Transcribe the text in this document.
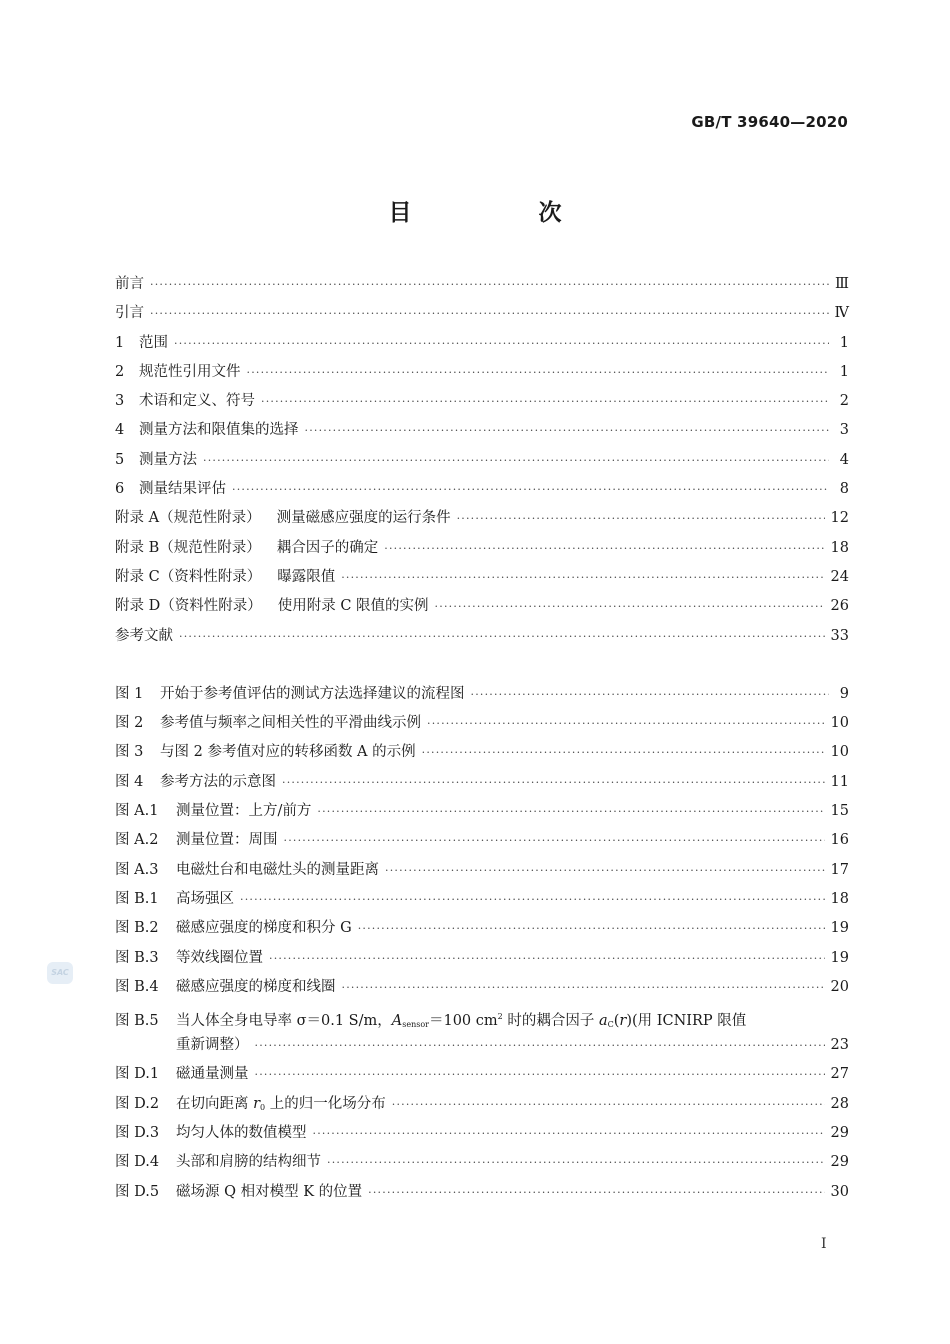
GB/T 39640—2020
目　次
前言 ·····	Ⅲ
引言 ·····	Ⅳ
1	范围 ·····	1
2	规范性引用文件 ·····	1
3	术语和定义、符号 ·····	2
4	测量方法和限值集的选择 ·····	3
5	测量方法 ·····	4
6	测量结果评估 ·····	8
附录 A（规范性附录） 测量磁感应强度的运行条件 ·····	12
附录 B（规范性附录） 耦合因子的确定 ·····	18
附录 C（资料性附录） 曝露限值 ·····	24
附录 D（资料性附录） 使用附录 C 限值的实例 ·····	26
参考文献 ·····	33
图 1	开始于参考值评估的测试方法选择建议的流程图 ·····	9
图 2	参考值与频率之间相关性的平滑曲线示例 ·····	10
图 3	与图 2 参考值对应的转移函数 A 的示例 ·····	10
图 4	参考方法的示意图 ·····	11
图 A.1	测量位置：上方/前方 ·····	15
图 A.2	测量位置：周围 ·····	16
图 A.3	电磁灶台和电磁灶头的测量距离 ·····	17
图 B.1	高场强区 ·····	18
图 B.2	磁感应强度的梯度和积分 G ·····	19
图 B.3	等效线圈位置 ·····	19
图 B.4	磁感应强度的梯度和线圈 ·····	20
图 B.5	当人体全身电导率 σ＝0.1 S/m，$A_{sensor}=100$ $cm^2$ 时的耦合因子 $a_C(r)$(用 ICNIRP 限值
重新调整） ·····	23
图 D.1	磁通量测量 ·····	27
图 D.2	在切向距离 $r_0$ 上的归一化场分布 ·····	28
图 D.3	均匀人体的数值模型 ·····	29
图 D.4	头部和肩膀的结构细节 ·····	29
图 D.5	磁场源 Q 相对模型 K 的位置 ·····	30
SAC
I
